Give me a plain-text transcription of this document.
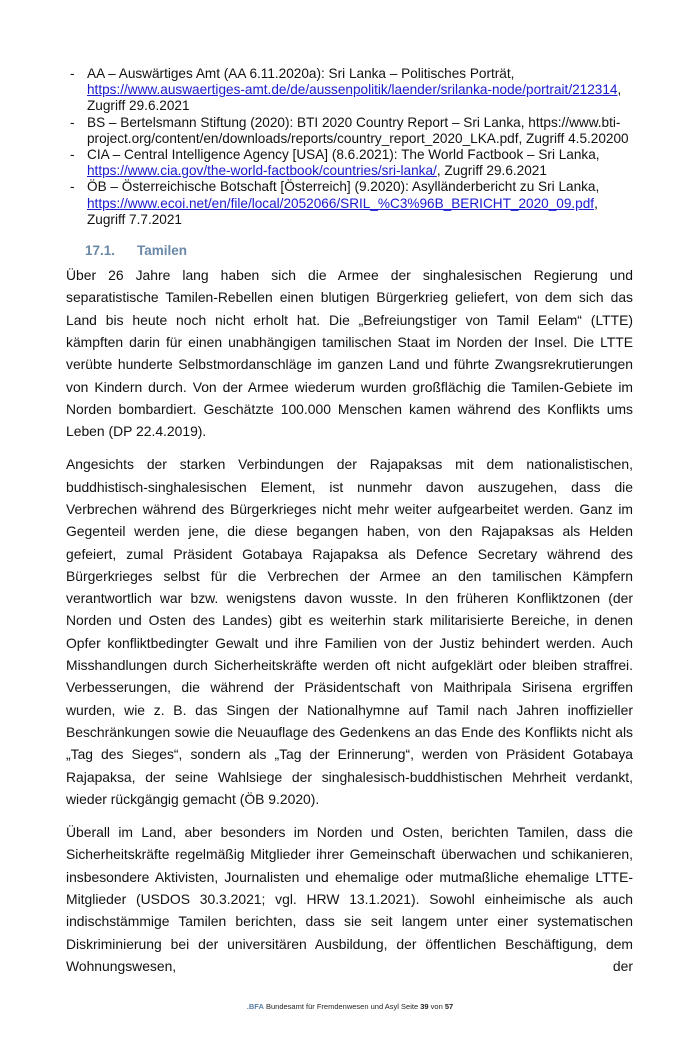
- AA – Auswärtiges Amt (AA 6.11.2020a): Sri Lanka – Politisches Porträt, https://www.auswaertiges-amt.de/de/aussenpolitik/laender/srilanka-node/portrait/212314, Zugriff 29.6.2021
- BS – Bertelsmann Stiftung (2020): BTI 2020 Country Report – Sri Lanka, https://www.bti-project.org/content/en/downloads/reports/country_report_2020_LKA.pdf, Zugriff 4.5.20200
- CIA – Central Intelligence Agency [USA] (8.6.2021): The World Factbook – Sri Lanka, https://www.cia.gov/the-world-factbook/countries/sri-lanka/, Zugriff 29.6.2021
- ÖB – Österreichische Botschaft [Österreich] (9.2020): Asylländerbericht zu Sri Lanka, https://www.ecoi.net/en/file/local/2052066/SRIL_%C3%96B_BERICHT_2020_09.pdf, Zugriff 7.7.2021
17.1. Tamilen

Über 26 Jahre lang haben sich die Armee der singhalesischen Regierung und separatistische Tamilen-Rebellen einen blutigen Bürgerkrieg geliefert, von dem sich das Land bis heute noch nicht erholt hat. Die „Befreiungstiger von Tamil Eelam“ (LTTE) kämpften darin für einen unabhängigen tamilischen Staat im Norden der Insel. Die LTTE verübte hunderte Selbstmordanschläge im ganzen Land und führte Zwangsrekrutierungen von Kindern durch. Von der Armee wiederum wurden großflächig die Tamilen-Gebiete im Norden bombardiert. Geschätzte 100.000 Menschen kamen während des Konflikts ums Leben (DP 22.4.2019).

Angesichts der starken Verbindungen der Rajapaksas mit dem nationalistischen, buddhistisch-singhalesischen Element, ist nunmehr davon auszugehen, dass die Verbrechen während des Bürgerkrieges nicht mehr weiter aufgearbeitet werden. Ganz im Gegenteil werden jene, die diese begangen haben, von den Rajapaksas als Helden gefeiert, zumal Präsident Gotabaya Rajapaksa als Defence Secretary während des Bürgerkrieges selbst für die Verbrechen der Armee an den tamilischen Kämpfern verantwortlich war bzw. wenigstens davon wusste. In den früheren Konfliktzonen (der Norden und Osten des Landes) gibt es weiterhin stark militarisierte Bereiche, in denen Opfer konfliktbedingter Gewalt und ihre Familien von der Justiz behindert werden. Auch Misshandlungen durch Sicherheitskräfte werden oft nicht aufgeklärt oder bleiben straffrei. Verbesserungen, die während der Präsidentschaft von Maithripala Sirisena ergriffen wurden, wie z. B. das Singen der Nationalhymne auf Tamil nach Jahren inoffizieller Beschränkungen sowie die Neuauflage des Gedenkens an das Ende des Konflikts nicht als „Tag des Sieges“, sondern als „Tag der Erinnerung“, werden von Präsident Gotabaya Rajapaksa, der seine Wahlsiege der singhalesisch-buddhistischen Mehrheit verdankt, wieder rückgängig gemacht (ÖB 9.2020).

Überall im Land, aber besonders im Norden und Osten, berichten Tamilen, dass die Sicherheitskräfte regelmäßig Mitglieder ihrer Gemeinschaft überwachen und schikanieren, insbesondere Aktivisten, Journalisten und ehemalige oder mutmaßliche ehemalige LTTE-Mitglieder (USDOS 30.3.2021; vgl. HRW 13.1.2021). Sowohl einheimische als auch indischstämmige Tamilen berichten, dass sie seit langem unter einer systematischen Diskriminierung bei der universitären Ausbildung, der öffentlichen Beschäftigung, dem Wohnungswesen, der

.BFA Bundesamt für Fremdenwesen und Asyl Seite 39 von 57
